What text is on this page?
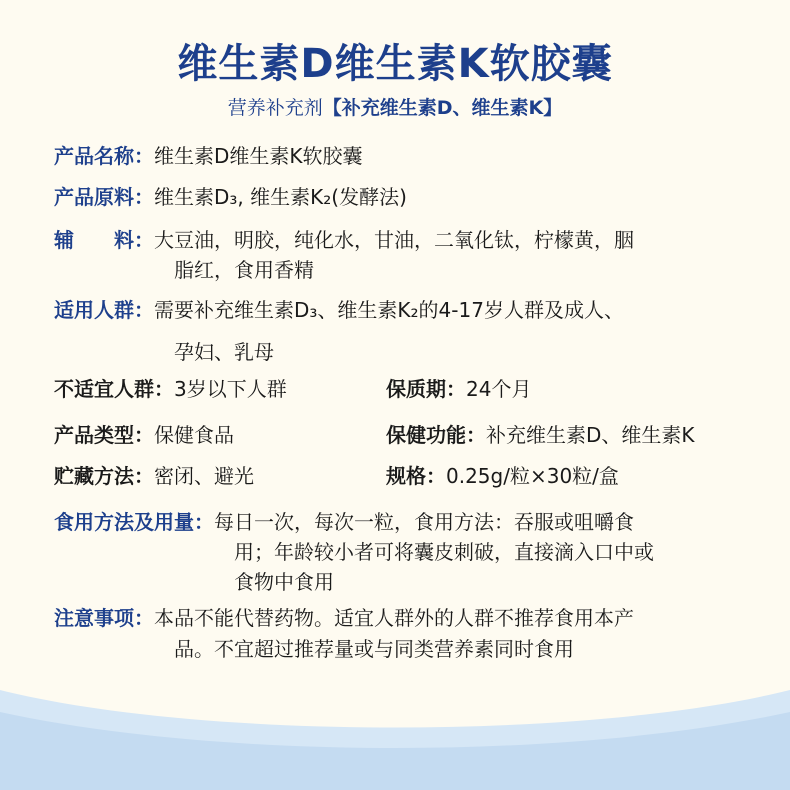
维生素D维生素K软胶囊
营养补充剂【补充维生素D、维生素K】
产品名称：维生素D维生素K软胶囊
产品原料：维生素D₃, 维生素K₂(发酵法)
辅　　料：大豆油，明胶，纯化水，甘油，二氧化钛，柠檬黄，胭
脂红，食用香精
适用人群：需要补充维生素D₃、维生素K₂的4-17岁人群及成人、
孕妇、乳母
不适宜人群：3岁以下人群	保质期：24个月
产品类型：保健食品	保健功能：补充维生素D、维生素K
贮藏方法：密闭、避光	规格：0.25g/粒×30粒/盒
食用方法及用量：每日一次，每次一粒，食用方法：吞服或咀嚼食
用；年龄较小者可将囊皮刺破，直接滴入口中或
食物中食用
注意事项：本品不能代替药物。适宜人群外的人群不推荐食用本产
品。不宜超过推荐量或与同类营养素同时食用
